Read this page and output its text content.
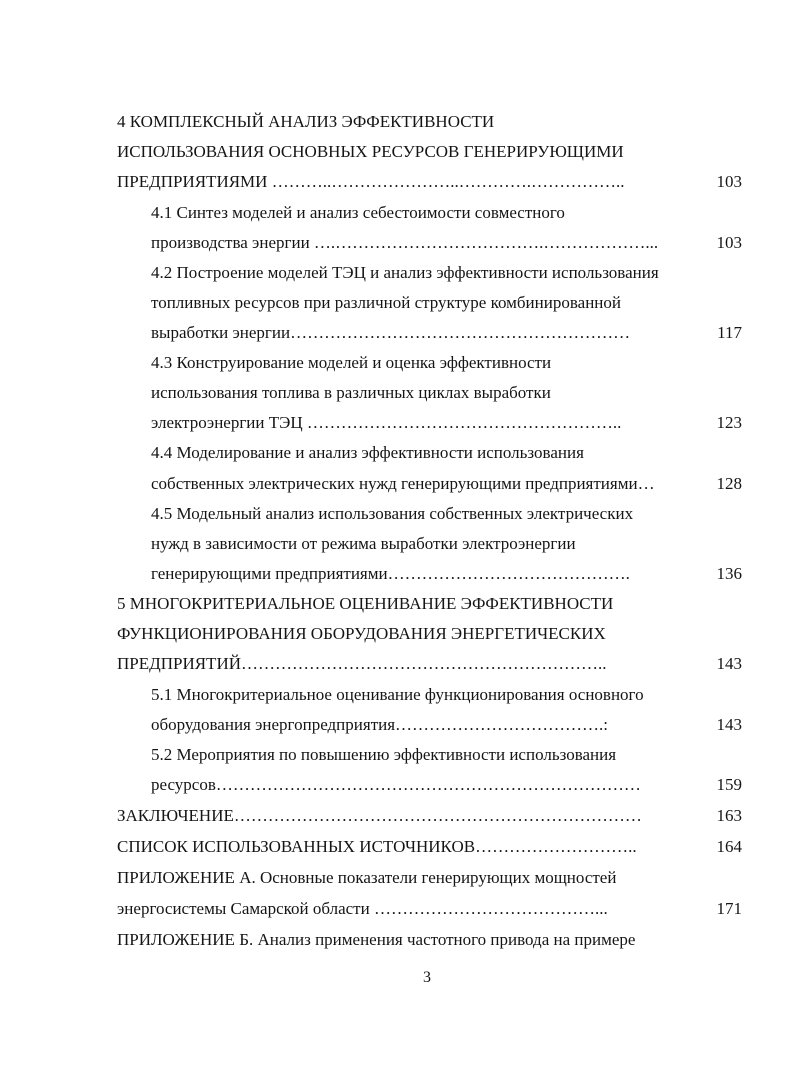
4 КОМПЛЕКСНЫЙ АНАЛИЗ ЭФФЕКТИВНОСТИ
ИСПОЛЬЗОВАНИЯ ОСНОВНЫХ РЕСУРСОВ ГЕНЕРИРУЮЩИМИ
ПРЕДПРИЯТИЯМИ ………..…………………..………….……………..	103
4.1 Синтез моделей и анализ себестоимости совместного
производства энергии ….……………………………….………………...	103
4.2 Построение моделей ТЭЦ и анализ эффективности использования
топливных ресурсов при различной структуре комбинированной
выработки энергии……………………………………………………	117
4.3 Конструирование моделей и оценка эффективности
использования топлива в различных циклах выработки
электроэнергии ТЭЦ ………………………………………………..	123
4.4 Моделирование и анализ эффективности использования
собственных электрических нужд генерирующими предприятиями…	128
4.5 Модельный анализ использования собственных электрических
нужд в зависимости от режима выработки электроэнергии
генерирующими предприятиями…………………………………….	136
5 МНОГОКРИТЕРИАЛЬНОЕ ОЦЕНИВАНИЕ ЭФФЕКТИВНОСТИ
ФУНКЦИОНИРОВАНИЯ ОБОРУДОВАНИЯ ЭНЕРГЕТИЧЕСКИХ
ПРЕДПРИЯТИЙ………………………………………………………..	143
5.1 Многокритериальное оценивание функционирования основного
оборудования энергопредприятия……………………………….:	143
5.2 Мероприятия по повышению эффективности использования
ресурсов…………………………………………………………………	159
ЗАКЛЮЧЕНИЕ………………………………………………………………	163
СПИСОК ИСПОЛЬЗОВАННЫХ ИСТОЧНИКОВ………………………..	164
ПРИЛОЖЕНИЕ А. Основные показатели генерирующих мощностей
энергосистемы Самарской области …………………………………...	171
ПРИЛОЖЕНИЕ Б. Анализ применения частотного привода на примере
3
